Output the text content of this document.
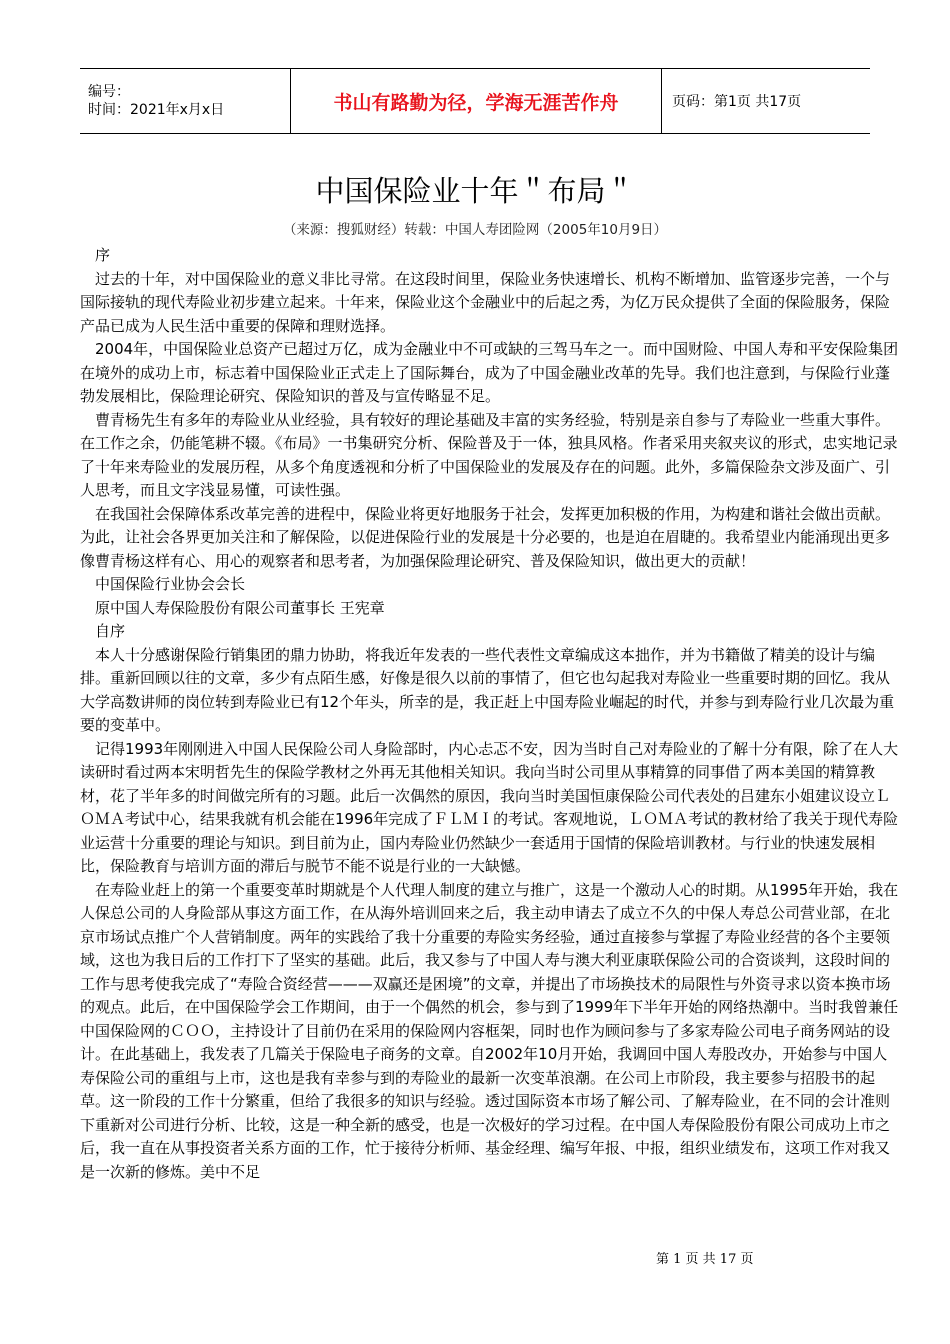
编号：
时间：2021年x月x日	书山有路勤为径，学海无涯苦作舟	页码：第1页 共17页
中国保险业十年＂布局＂
（来源：搜狐财经）转载：中国人寿团险网（2005年10月9日）

　序

　过去的十年，对中国保险业的意义非比寻常。在这段时间里，保险业务快速增长、机构不断增加、监管逐步完善，一个与国际接轨的现代寿险业初步建立起来。十年来，保险业这个金融业中的后起之秀，为亿万民众提供了全面的保险服务，保险产品已成为人民生活中重要的保障和理财选择。

　2004年，中国保险业总资产已超过万亿，成为金融业中不可或缺的三驾马车之一。而中国财险、中国人寿和平安保险集团在境外的成功上市，标志着中国保险业正式走上了国际舞台，成为了中国金融业改革的先导。我们也注意到，与保险行业蓬勃发展相比，保险理论研究、保险知识的普及与宣传略显不足。

　曹青杨先生有多年的寿险业从业经验，具有较好的理论基础及丰富的实务经验，特别是亲自参与了寿险业一些重大事件。在工作之余，仍能笔耕不辍。《布局》一书集研究分析、保险普及于一体，独具风格。作者采用夹叙夹议的形式，忠实地记录了十年来寿险业的发展历程，从多个角度透视和分析了中国保险业的发展及存在的问题。此外，多篇保险杂文涉及面广、引人思考，而且文字浅显易懂，可读性强。

　在我国社会保障体系改革完善的进程中，保险业将更好地服务于社会，发挥更加积极的作用，为构建和谐社会做出贡献。为此，让社会各界更加关注和了解保险，以促进保险行业的发展是十分必要的，也是迫在眉睫的。我希望业内能涌现出更多像曹青杨这样有心、用心的观察者和思考者，为加强保险理论研究、普及保险知识，做出更大的贡献！

　中国保险行业协会会长

　原中国人寿保险股份有限公司董事长 王宪章

　自序

　本人十分感谢保险行销集团的鼎力协助，将我近年发表的一些代表性文章编成这本拙作，并为书籍做了精美的设计与编排。重新回顾以往的文章，多少有点陌生感，好像是很久以前的事情了，但它也勾起我对寿险业一些重要时期的回忆。我从大学高数讲师的岗位转到寿险业已有12个年头，所幸的是，我正赶上中国寿险业崛起的时代，并参与到寿险行业几次最为重要的变革中。

　记得1993年刚刚进入中国人民保险公司人身险部时，内心忐忑不安，因为当时自己对寿险业的了解十分有限，除了在人大读研时看过两本宋明哲先生的保险学教材之外再无其他相关知识。我向当时公司里从事精算的同事借了两本美国的精算教材，花了半年多的时间做完所有的习题。此后一次偶然的原因，我向当时美国恒康保险公司代表处的吕建东小姐建议设立ＬＯＭＡ考试中心，结果我就有机会能在1996年完成了ＦＬＭＩ的考试。客观地说，ＬＯＭＡ考试的教材给了我关于现代寿险业运营十分重要的理论与知识。到目前为止，国内寿险业仍然缺少一套适用于国情的保险培训教材。与行业的快速发展相比，保险教育与培训方面的滞后与脱节不能不说是行业的一大缺憾。

　在寿险业赶上的第一个重要变革时期就是个人代理人制度的建立与推广，这是一个激动人心的时期。从1995年开始，我在人保总公司的人身险部从事这方面工作，在从海外培训回来之后，我主动申请去了成立不久的中保人寿总公司营业部，在北京市场试点推广个人营销制度。两年的实践给了我十分重要的寿险实务经验，通过直接参与掌握了寿险业经营的各个主要领域，这也为我日后的工作打下了坚实的基础。此后，我又参与了中国人寿与澳大利亚康联保险公司的合资谈判，这段时间的工作与思考使我完成了“寿险合资经营———双赢还是困境”的文章，并提出了市场换技术的局限性与外资寻求以资本换市场的观点。此后，在中国保险学会工作期间，由于一个偶然的机会，参与到了1999年下半年开始的网络热潮中。当时我曾兼任中国保险网的ＣＯＯ，主持设计了目前仍在采用的保险网内容框架，同时也作为顾问参与了多家寿险公司电子商务网站的设计。在此基础上，我发表了几篇关于保险电子商务的文章。自2002年10月开始，我调回中国人寿股改办，开始参与中国人寿保险公司的重组与上市，这也是我有幸参与到的寿险业的最新一次变革浪潮。在公司上市阶段，我主要参与招股书的起草。这一阶段的工作十分繁重，但给了我很多的知识与经验。透过国际资本市场了解公司、了解寿险业，在不同的会计准则下重新对公司进行分析、比较，这是一种全新的感受，也是一次极好的学习过程。在中国人寿保险股份有限公司成功上市之后，我一直在从事投资者关系方面的工作，忙于接待分析师、基金经理、编写年报、中报，组织业绩发布，这项工作对我又是一次新的修炼。美中不足

第 1 页 共 17 页
